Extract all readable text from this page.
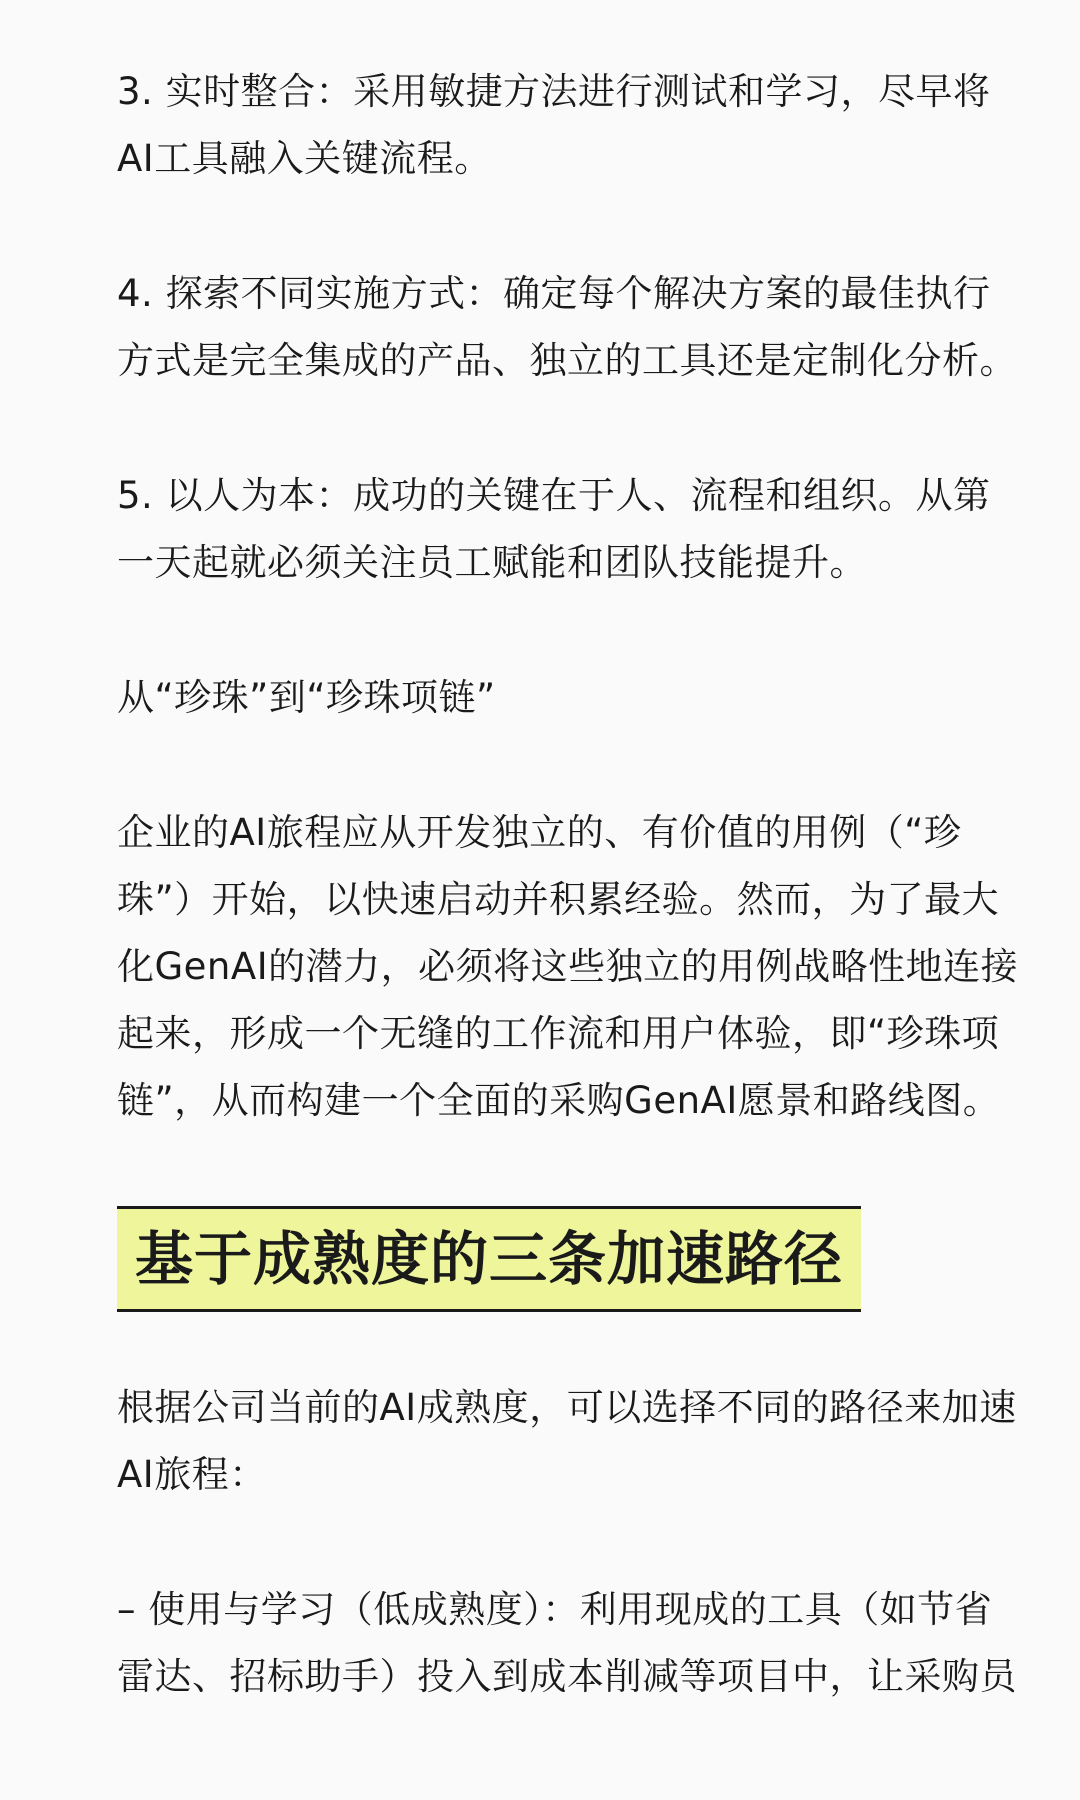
3. 实时整合：采用敏捷方法进行测试和学习，尽早将AI工具融入关键流程。

4. 探索不同实施方式：确定每个解决方案的最佳执行方式是完全集成的产品、独立的工具还是定制化分析。

5. 以人为本：成功的关键在于人、流程和组织。从第一天起就必须关注员工赋能和团队技能提升。

从“珍珠”到“珍珠项链”

企业的AI旅程应从开发独立的、有价值的用例（“珍珠”）开始，以快速启动并积累经验。然而，为了最大化GenAI的潜力，必须将这些独立的用例战略性地连接起来，形成一个无缝的工作流和用户体验，即“珍珠项链”，从而构建一个全面的采购GenAI愿景和路线图。

基于成熟度的三条加速路径

根据公司当前的AI成熟度，可以选择不同的路径来加速AI旅程：

– 使用与学习（低成熟度）：利用现成的工具（如节省雷达、招标助手）投入到成本削减等项目中，让采购员
